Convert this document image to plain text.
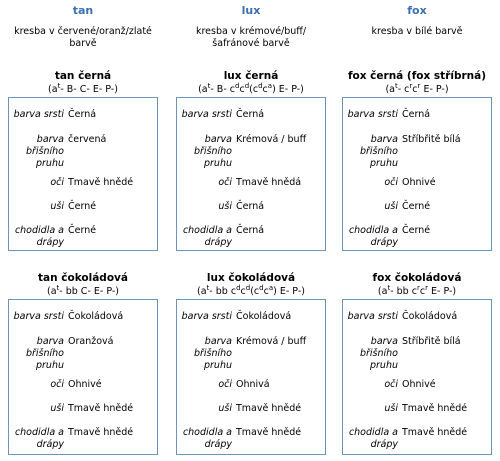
tan	lux	fox
kresba v červené/oranž/zlaté barvě
kresba v krémové/buff/ šafránové barvě
kresba v bílé barvě
tan černá
($a^t-$ B- C- E- P-)
barva srsti Černá
barva břišního pruhu
červená
oči Tmavě hnědé
uši Černé
chodidla a drápy
Černé
lux černá
($a^t-$ B- $c^dc^d(c^dc^a)$ E- P-)
barva srsti Černá
barva břišního pruhu
Krémová / buff
oči Tmavě hnědá
uši Černá
chodidla a drápy
Černá
fox černá (fox stříbrná)
($a^t-$ $c^rc^r$ E- P-)
barva srsti Černá
barva břišního pruhu
Stříbřitě bílá
oči Ohnivé
uši Černé
chodidla a drápy
Černé
tan čokoládová
($a^t-$ bb C- E- P-)
barva srsti Čokoládová
barva břišního pruhu
Oranžová
oči Ohnivé
uši Tmavě hnědé
chodidla a drápy
Tmavě hnědé
lux čokoládová
($a^t-$ bb $c^dc^d(c^dc^a)$ E- P-)
barva srsti Čokoládová
barva břišního pruhu
Krémová / buff
oči Ohnivá
uši Tmavě hnědé
chodidla a drápy
Tmavě hnědé
fox čokoládová
($a^t-$ bb $c^rc^r$ E- P-)
barva srsti Čokoládová
barva břišního pruhu
Stříbřitě bílá
oči Ohnivé
uši Tmavě hnědé
chodidla a drápy
Tmavě hnědé
